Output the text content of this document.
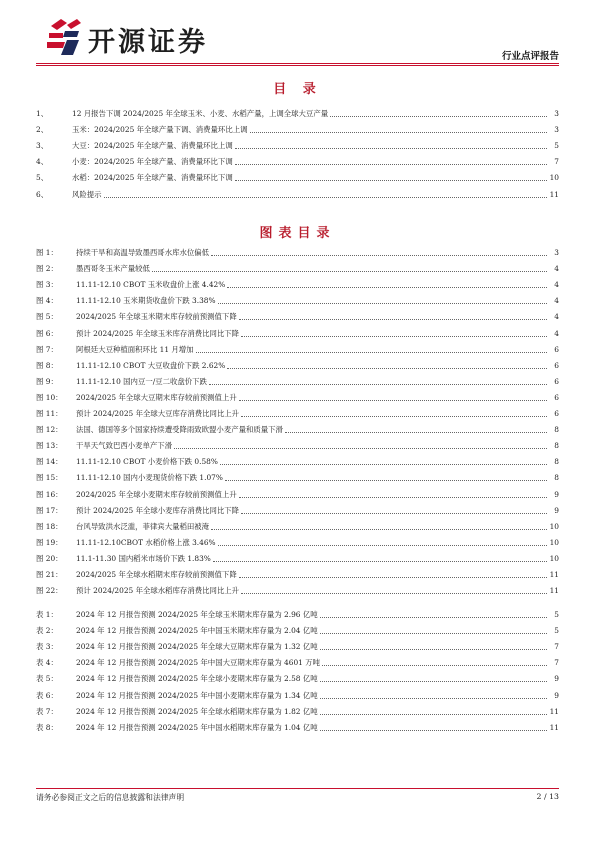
开源证券	行业点评报告
目 录
1、	12 月报告下调 2024/2025 年全球玉米、小麦、水稻产量，上调全球大豆产量	3
2、	玉米：2024/2025 年全球产量下调、消费量环比上调	3
3、	大豆：2024/2025 年全球产量、消费量环比上调	5
4、	小麦：2024/2025 年全球产量、消费量环比下调	7
5、	水稻：2024/2025 年全球产量、消费量环比下调	10
6、	风险提示	11
图表目录
图 1：	持续干旱和高温导致墨西哥水库水位偏低	3
图 2：	墨西哥冬玉米产量较低	4
图 3：	11.11-12.10 CBOT 玉米收盘价上涨 4.42%	4
图 4：	11.11-12.10 玉米期货收盘价下跌 3.38%	4
图 5：	2024/2025 年全球玉米期末库存较前预测值下降	4
图 6：	预计 2024/2025 年全球玉米库存消费比同比下降	4
图 7：	阿根廷大豆种植面积环比 11 月增加	6
图 8：	11.11-12.10 CBOT 大豆收盘价下跌 2.62%	6
图 9：	11.11-12.10 国内豆一/豆二收盘价下跌	6
图 10：	2024/2025 年全球大豆期末库存较前预测值上升	6
图 11：	预计 2024/2025 年全球大豆库存消费比同比上升	6
图 12：	法国、德国等多个国家持续遭受降雨致欧盟小麦产量和质量下滑	8
图 13：	干旱天气致巴西小麦单产下滑	8
图 14：	11.11-12.10 CBOT 小麦价格下跌 0.58%	8
图 15：	11.11-12.10 国内小麦现货价格下跌 1.07%	8
图 16：	2024/2025 年全球小麦期末库存较前预测值上升	9
图 17：	预计 2024/2025 年全球小麦库存消费比同比下降	9
图 18：	台风导致洪水泛滥，菲律宾大量稻田被淹	10
图 19：	11.11-12.10CBOT 水稻价格上涨 3.46%	10
图 20：	11.1-11.30 国内稻米市场价下跌 1.83%	10
图 21：	2024/2025 年全球水稻期末库存较前预测值下降	11
图 22：	预计 2024/2025 年全球水稻库存消费比同比上升	11
表 1：	2024 年 12 月报告预测 2024/2025 年全球玉米期末库存量为 2.96 亿吨	5
表 2：	2024 年 12 月报告预测 2024/2025 年中国玉米期末库存量为 2.04 亿吨	5
表 3：	2024 年 12 月报告预测 2024/2025 年全球大豆期末库存量为 1.32 亿吨	7
表 4：	2024 年 12 月报告预测 2024/2025 年中国大豆期末库存量为 4601 万吨	7
表 5：	2024 年 12 月报告预测 2024/2025 年全球小麦期末库存量为 2.58 亿吨	9
表 6：	2024 年 12 月报告预测 2024/2025 年中国小麦期末库存量为 1.34 亿吨	9
表 7：	2024 年 12 月报告预测 2024/2025 年全球水稻期末库存量为 1.82 亿吨	11
表 8：	2024 年 12 月报告预测 2024/2025 年中国水稻期末库存量为 1.04 亿吨	11
请务必参阅正文之后的信息披露和法律声明	2 / 13
